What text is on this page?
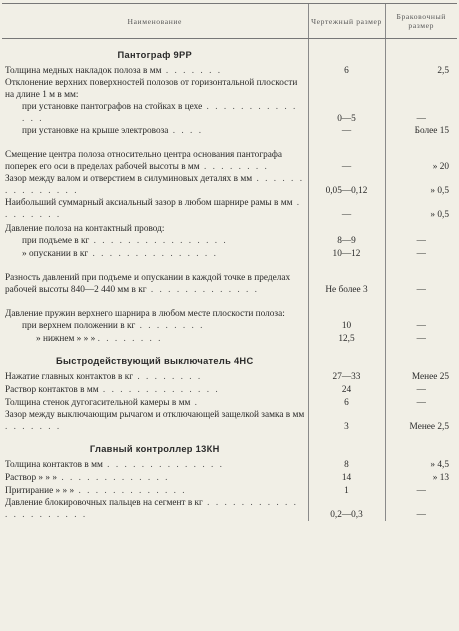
Наименование	Чертежный размер	Браковочный размер
Пантограф 9РР		
Толщина медных накладок полоза в мм . . . . . . .	6	2,5
Отклонение верхних поверхностей полозов от горизонтальной плоскости на длине 1 м в мм:		
при установке пантографов на стойках в цехе . . . . . . . . . . . . . .	0—5	—
при установке на крыше электровоза . . . .	—	Более 15
Смещение центра полоза относительно центра основания пантографа поперек его оси в пределах рабочей высоты в мм . . . . . . . .	—	» 20
Зазор между валом и отверстием в силуминовых деталях в мм . . . . . . . . . . . . . . .	0,05—0,12	» 0,5
Наибольший суммарный аксиальный зазор в любом шарнире рамы в мм . . . . . . . .	—	» 0,5
Давление полоза на контактный провод:		
при подъеме в кг . . . . . . . . . . . . . . . .	8—9	—
» опускании в кг . . . . . . . . . . . . . . .	10—12	—
Разность давлений при подъеме и опускании в каждой точке в пределах рабочей высоты 840—2 440 мм в кг . . . . . . . . . . . . .	Не более 3	—
Давление пружин верхнего шарнира в любом месте плоскости полоза:		
при верхнем положении в кг . . . . . . . .	10	—
» нижнем » » » . . . . . . . .	12,5	—
Быстродействующий выключатель 4НС		
Нажатие главных контактов в кг . . . . . . . .	27—33	Менее 25
Раствор контактов в мм . . . . . . . . . . . . . .	24	—
Толщина стенок дугогасительной камеры в мм .	6	—
Зазор между выключающим рычагом и отключающей защелкой замка в мм . . . . . . .	3	Менее 2,5
Главный контроллер 13КН		
Толщина контактов в мм . . . . . . . . . . . . . .	8	» 4,5
Раствор » » » . . . . . . . . . . . . .	14	» 13
Притирание » » » . . . . . . . . . . . . .	1	—
Давление блокировочных пальцев на сегмент в кг . . . . . . . . . . . . . . . . . . . . .	0,2—0,3	—
